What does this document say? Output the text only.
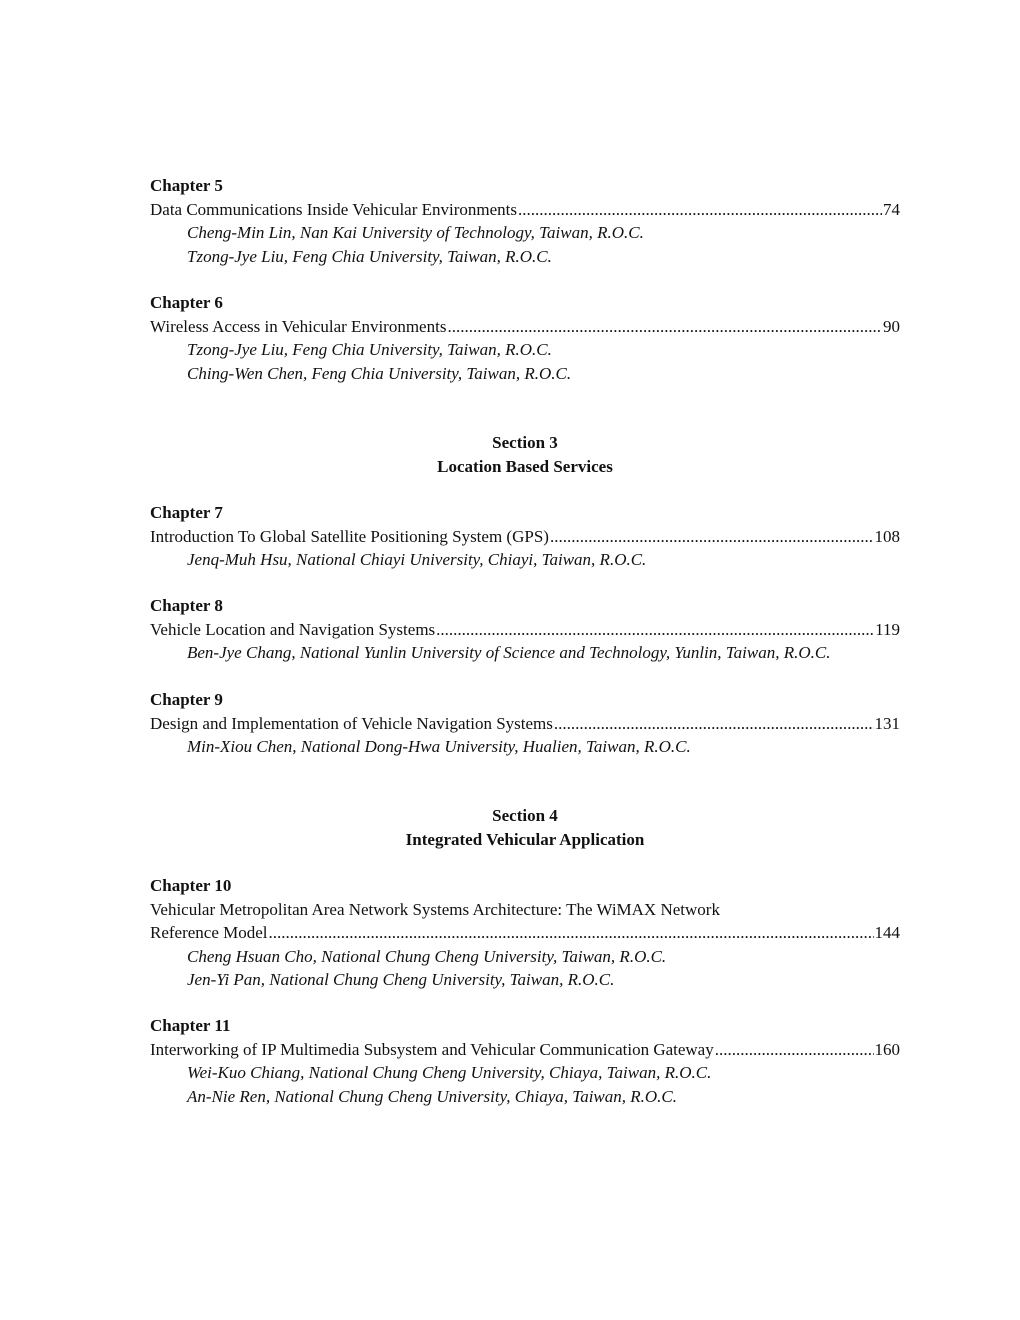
Chapter 5
Data Communications Inside Vehicular Environments .....	74
Cheng-Min Lin, Nan Kai University of Technology, Taiwan, R.O.C.
Tzong-Jye Liu, Feng Chia University, Taiwan, R.O.C.
Chapter 6
Wireless Access in Vehicular Environments .....	90
Tzong-Jye Liu, Feng Chia University, Taiwan, R.O.C.
Ching-Wen Chen, Feng Chia University, Taiwan, R.O.C.
Section 3
Location Based Services
Chapter 7
Introduction To Global Satellite Positioning System (GPS) .....	108
Jenq-Muh Hsu, National Chiayi University, Chiayi, Taiwan, R.O.C.
Chapter 8
Vehicle Location and Navigation Systems .....	119
Ben-Jye Chang, National Yunlin University of Science and Technology, Yunlin, Taiwan, R.O.C.
Chapter 9
Design and Implementation of Vehicle Navigation Systems .....	131
Min-Xiou Chen, National Dong-Hwa University, Hualien, Taiwan, R.O.C.
Section 4
Integrated Vehicular Application
Chapter 10
Vehicular Metropolitan Area Network Systems Architecture: The WiMAX Network
Reference Model .....	144
Cheng Hsuan Cho, National Chung Cheng University, Taiwan, R.O.C.
Jen-Yi Pan, National Chung Cheng University, Taiwan, R.O.C.
Chapter 11
Interworking of IP Multimedia Subsystem and Vehicular Communication Gateway .....	160
Wei-Kuo Chiang, National Chung Cheng University, Chiaya, Taiwan, R.O.C.
An-Nie Ren, National Chung Cheng University, Chiaya, Taiwan, R.O.C.
